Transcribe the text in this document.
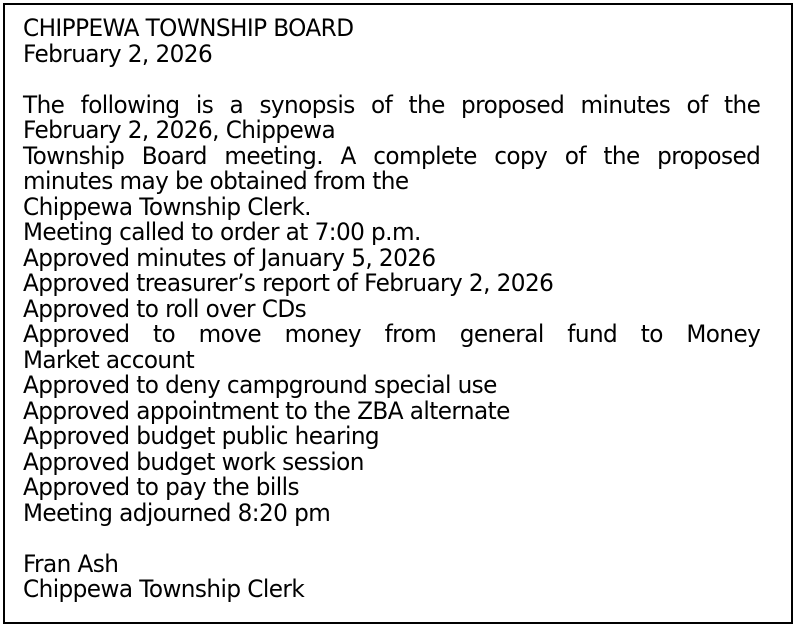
CHIPPEWA TOWNSHIP BOARD
February 2, 2026
The following is a synopsis of the proposed minutes of the
February 2, 2026, Chippewa
Township Board meeting. A complete copy of the proposed
minutes may be obtained from the
Chippewa Township Clerk.
Meeting called to order at 7:00 p.m.
Approved minutes of January 5, 2026
Approved treasurer’s report of February 2, 2026
Approved to roll over CDs
Approved to move money from general fund to Money
Market account
Approved to deny campground special use
Approved appointment to the ZBA alternate
Approved budget public hearing
Approved budget work session
Approved to pay the bills
Meeting adjourned 8:20 pm
Fran Ash
Chippewa Township Clerk
